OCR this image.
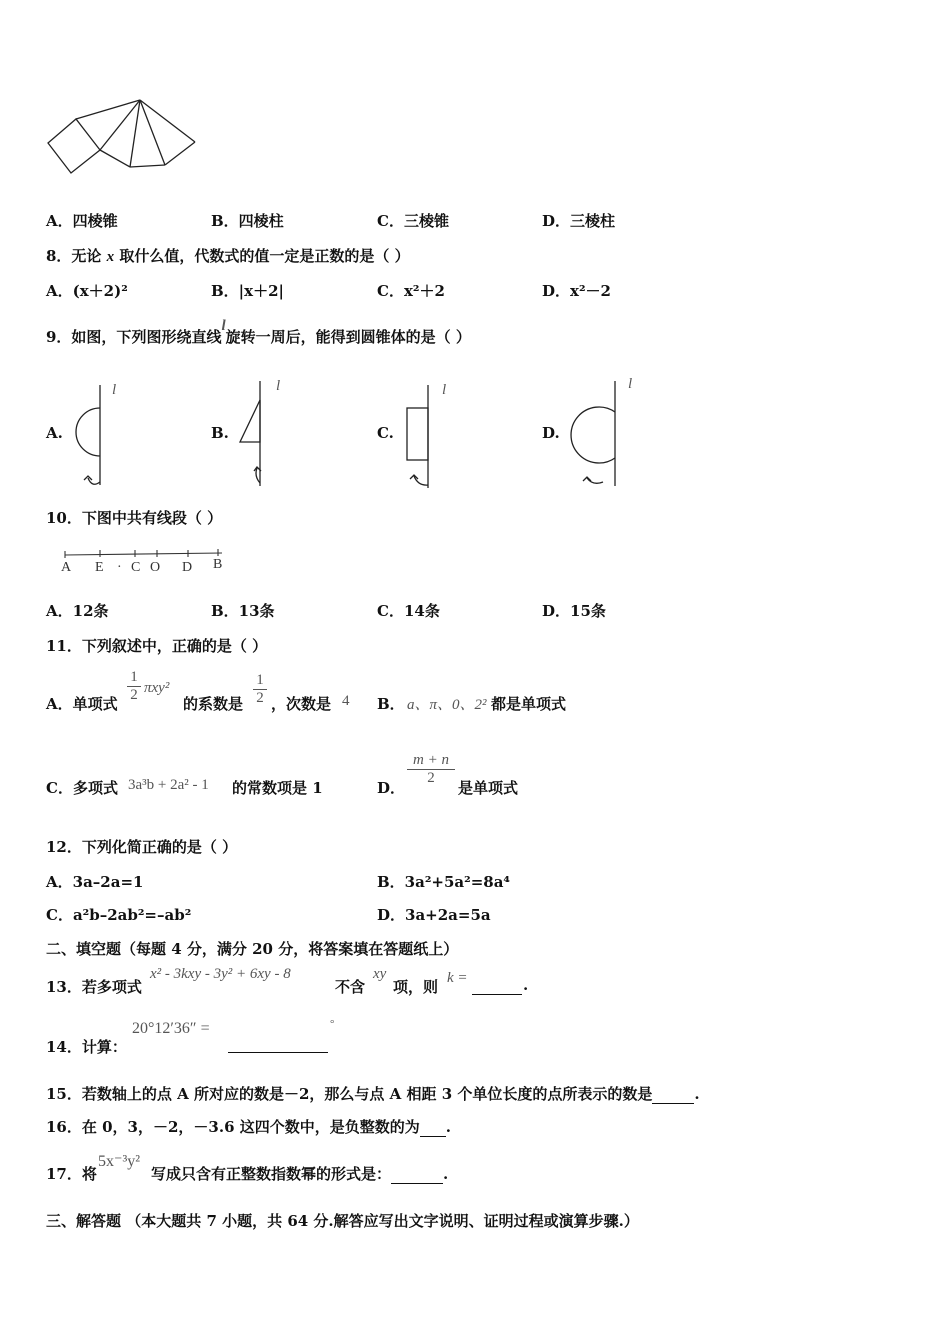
A．四棱锥	B．四棱柱	C．三棱锥	D．三棱柱
8．无论 x 取什么值，代数式的值一定是正数的是（ ）
A．(x＋2)²	B．|x＋2|	C．x²＋2	D．x²－2
9．如图，下列图形绕直线l旋转一周后，能得到圆锥体的是（ ）
A.	B.	C.	D.
l	l	l	l
10．下图中共有线段（ ）
A E · C O D B
A．12条	B．13条	C．14条	D．15条
11．下列叙述中，正确的是（ ）
A．单项式
1
2 πxy²
的系数是
1
2 ，次数是 4 B． a、π、0、2² 都是单项式
C．多项式 3a³b + 2a² - 1 的常数项是 1	D．
m + n
2
是单项式
12．下列化简正确的是（ ）
A．3a–2a=1	B．3a²+5a²=8a⁴
C．a²b–2ab²=–ab²	D．3a+2a=5a
二、填空题（每题 4 分，满分 20 分，将答案填在答题纸上）
13．若多项式
x² - 3kxy - 3y² + 6xy - 8
不含
xy
项，则 k =
	.
14．计算：
20°12′36″ =
	°
15．若数轴上的点 A 所对应的数是－2，那么与点 A 相距 3 个单位长度的点所表示的数是	.
16．在 0，3，－2，－3.6 这四个数中，是负整数的为 .
17．将
5x⁻³y²
写成只含有正整数指数幂的形式是：	.
三、解答题 （本大题共 7 小题，共 64 分.解答应写出文字说明、证明过程或演算步骤.）
